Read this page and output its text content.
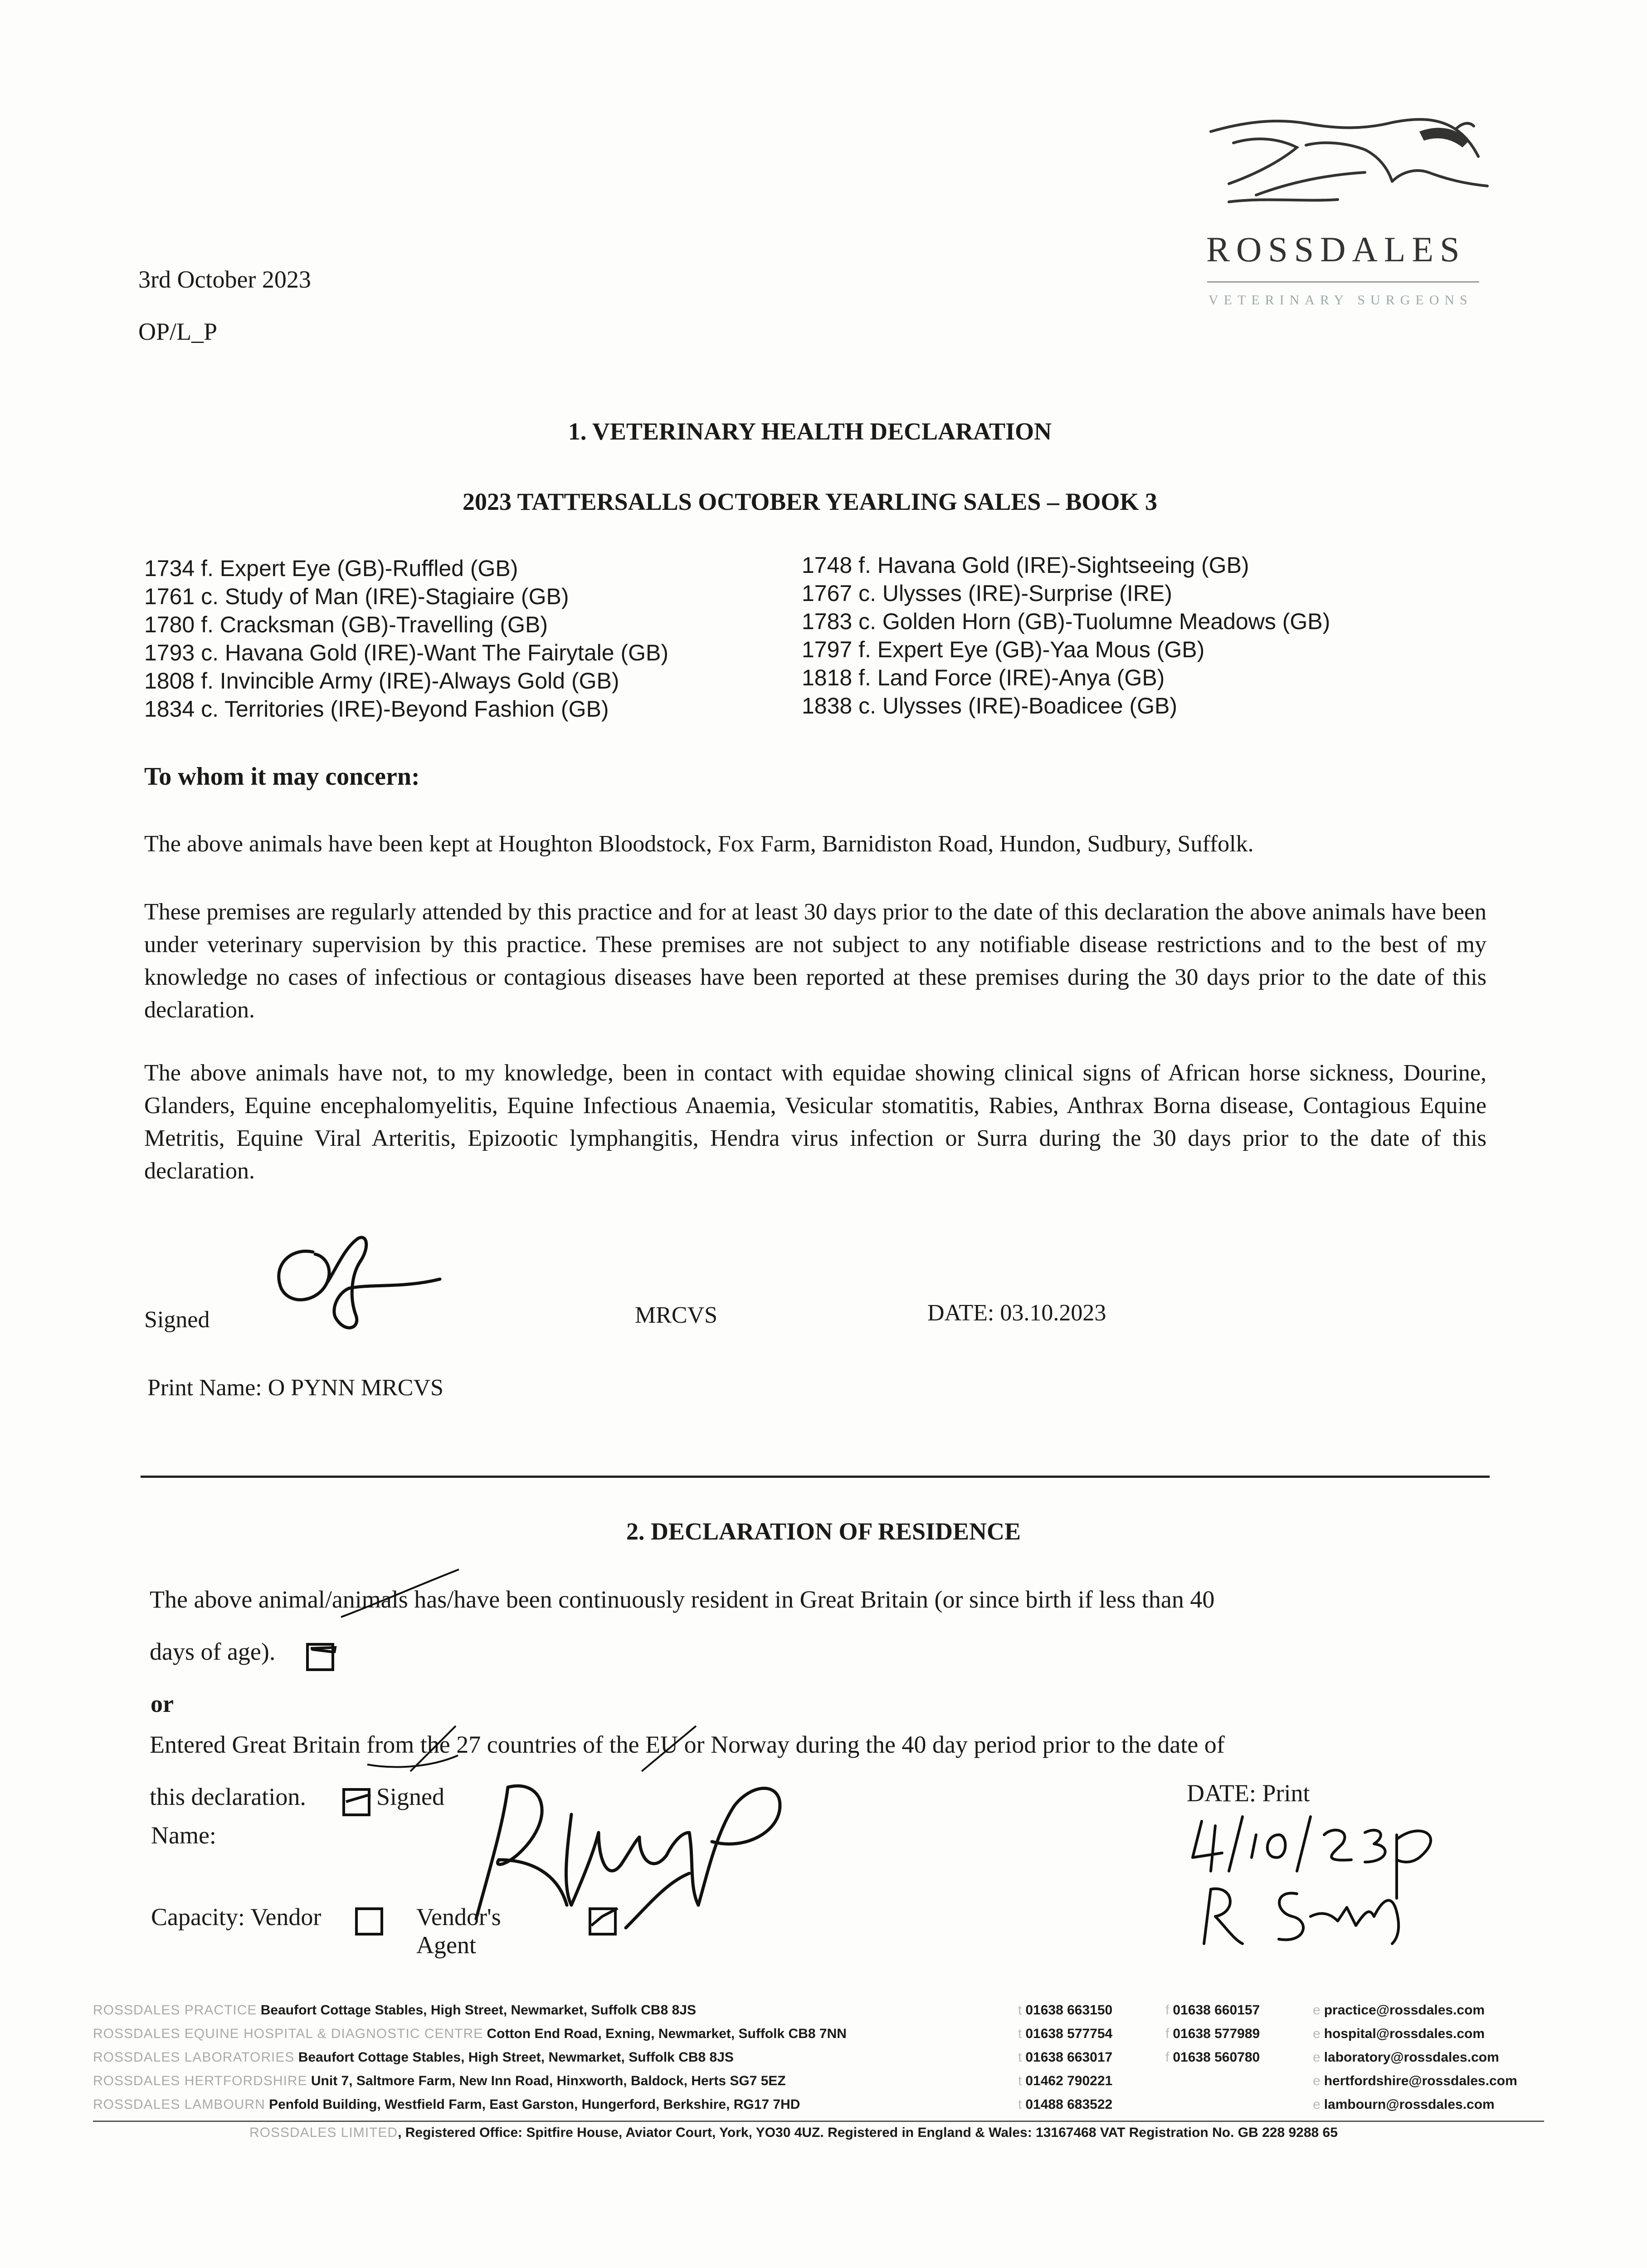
ROSSDALES
VETERINARY SURGEONS
3rd October 2023
OP/L_P
1. VETERINARY HEALTH DECLARATION
2023 TATTERSALLS OCTOBER YEARLING SALES – BOOK 3
1734 f. Expert Eye (GB)-Ruffled (GB)
1761 c. Study of Man (IRE)-Stagiaire (GB)
1780 f. Cracksman (GB)-Travelling (GB)
1793 c. Havana Gold (IRE)-Want The Fairytale (GB)
1808 f. Invincible Army (IRE)-Always Gold (GB)
1834 c. Territories (IRE)-Beyond Fashion (GB)
1748 f. Havana Gold (IRE)-Sightseeing (GB)
1767 c. Ulysses (IRE)-Surprise (IRE)
1783 c. Golden Horn (GB)-Tuolumne Meadows (GB)
1797 f. Expert Eye (GB)-Yaa Mous (GB)
1818 f. Land Force (IRE)-Anya (GB)
1838 c. Ulysses (IRE)-Boadicee (GB)
To whom it may concern:
The above animals have been kept at Houghton Bloodstock, Fox Farm, Barnidiston Road, Hundon, Sudbury, Suffolk.
These premises are regularly attended by this practice and for at least 30 days prior to the date of this declaration the above animals have been under veterinary supervision by this practice. These premises are not subject to any notifiable disease restrictions and to the best of my knowledge no cases of infectious or contagious diseases have been reported at these premises during the 30 days prior to the date of this declaration.
The above animals have not, to my knowledge, been in contact with equidae showing clinical signs of African horse sickness, Dourine, Glanders, Equine encephalomyelitis, Equine Infectious Anaemia, Vesicular stomatitis, Rabies, Anthrax Borna disease, Contagious Equine Metritis, Equine Viral Arteritis, Epizootic lymphangitis, Hendra virus infection or Surra during the 30 days prior to the date of this declaration.
Signed	MRCVS	DATE: 03.10.2023
Print Name: O PYNN MRCVS
2. DECLARATION OF RESIDENCE
The above animal/animals has/have been continuously resident in Great Britain (or since birth if less than 40
days of age).
or
Entered Great Britain from the 27 countries of the EU or Norway during the 40 day period prior to the date of
this declaration.	Signed
Name:
DATE: Print
Capacity: Vendor	Vendor's Agent
ROSSDALES PRACTICE Beaufort Cottage Stables, High Street, Newmarket, Suffolk CB8 8JS	t 01638 663150	f 01638 660157	e practice@rossdales.com
ROSSDALES EQUINE HOSPITAL & DIAGNOSTIC CENTRE Cotton End Road, Exning, Newmarket, Suffolk CB8 7NN	t 01638 577754	f 01638 577989	e hospital@rossdales.com
ROSSDALES LABORATORIES Beaufort Cottage Stables, High Street, Newmarket, Suffolk CB8 8JS	t 01638 663017	f 01638 560780	e laboratory@rossdales.com
ROSSDALES HERTFORDSHIRE Unit 7, Saltmore Farm, New Inn Road, Hinxworth, Baldock, Herts SG7 5EZ	t 01462 790221	e hertfordshire@rossdales.com
ROSSDALES LAMBOURN Penfold Building, Westfield Farm, East Garston, Hungerford, Berkshire, RG17 7HD	t 01488 683522	e lambourn@rossdales.com
ROSSDALES LIMITED, Registered Office: Spitfire House, Aviator Court, York, YO30 4UZ. Registered in England & Wales: 13167468 VAT Registration No. GB 228 9288 65
